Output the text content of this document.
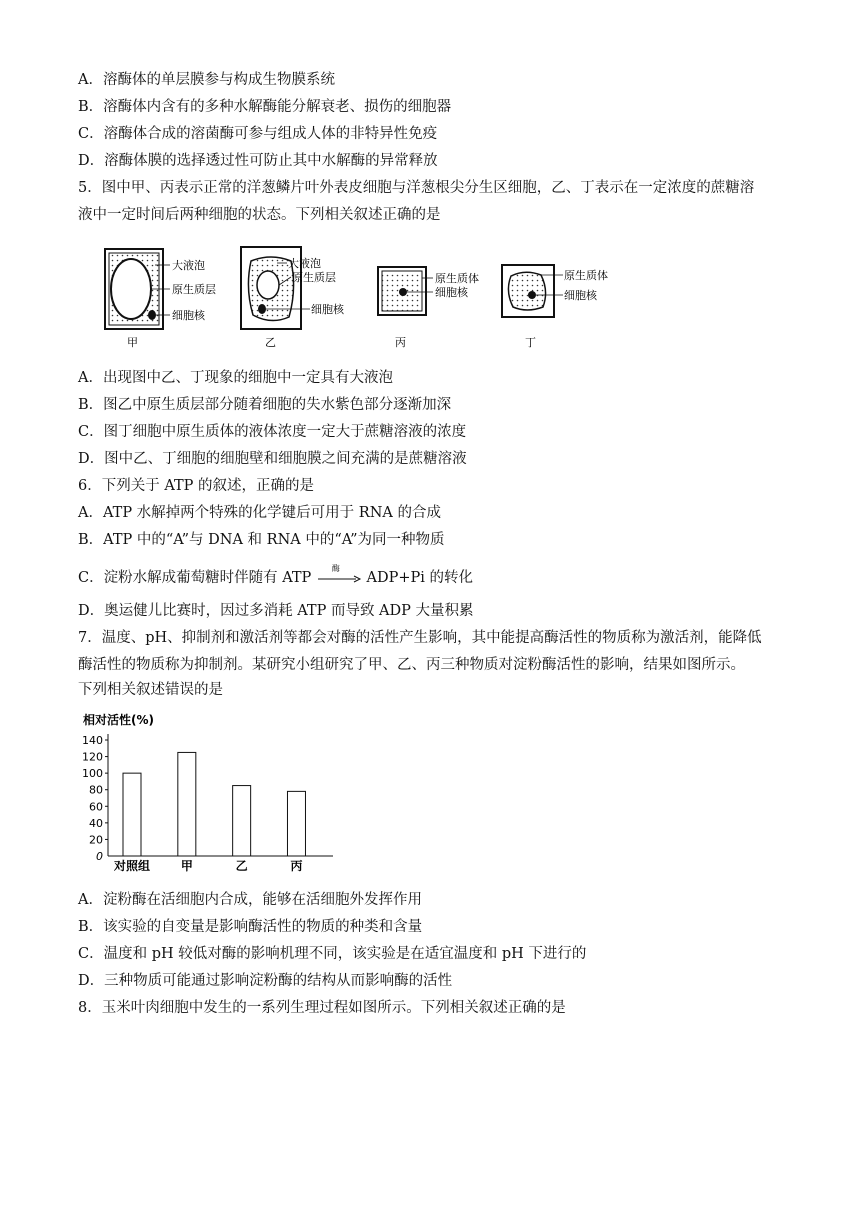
A．溶酶体的单层膜参与构成生物膜系统
B．溶酶体内含有的多种水解酶能分解衰老、损伤的细胞器
C．溶酶体合成的溶菌酶可参与组成人体的非特异性免疫
D．溶酶体膜的选择透过性可防止其中水解酶的异常释放
5．图中甲、丙表示正常的洋葱鳞片叶外表皮细胞与洋葱根尖分生区细胞，乙、丁表示在一定浓度的蔗糖溶
液中一定时间后两种细胞的状态。下列相关叙述正确的是
大液泡
原生质层
细胞核
甲
大液泡
原生质层
细胞核
乙
原生质体
细胞核
丙
原生质体
细胞核
丁
A．出现图中乙、丁现象的细胞中一定具有大液泡
B．图乙中原生质层部分随着细胞的失水紫色部分逐渐加深
C．图丁细胞中原生质体的液体浓度一定大于蔗糖溶液的浓度
D．图中乙、丁细胞的细胞壁和细胞膜之间充满的是蔗糖溶液
6．下列关于 ATP 的叙述，正确的是
A．ATP 水解掉两个特殊的化学键后可用于 RNA 的合成
B．ATP 中的“A”与 DNA 和 RNA 中的“A”为同一种物质
C．淀粉水解成葡萄糖时伴随有 ATP
酶
ADP+Pi 的转化
D．奥运健儿比赛时，因过多消耗 ATP 而导致 ADP 大量积累
7．温度、pH、抑制剂和激活剂等都会对酶的活性产生影响，其中能提高酶活性的物质称为激活剂，能降低
酶活性的物质称为抑制剂。某研究小组研究了甲、乙、丙三种物质对淀粉酶活性的影响，结果如图所示。
下列相关叙述错误的是
相对活性(%)
0
20
40
60
80
100
120
140
对照组	甲	乙	丙
A．淀粉酶在活细胞内合成，能够在活细胞外发挥作用
B．该实验的自变量是影响酶活性的物质的种类和含量
C．温度和 pH 较低对酶的影响机理不同，该实验是在适宜温度和 pH 下进行的
D．三种物质可能通过影响淀粉酶的结构从而影响酶的活性
8．玉米叶肉细胞中发生的一系列生理过程如图所示。下列相关叙述正确的是
